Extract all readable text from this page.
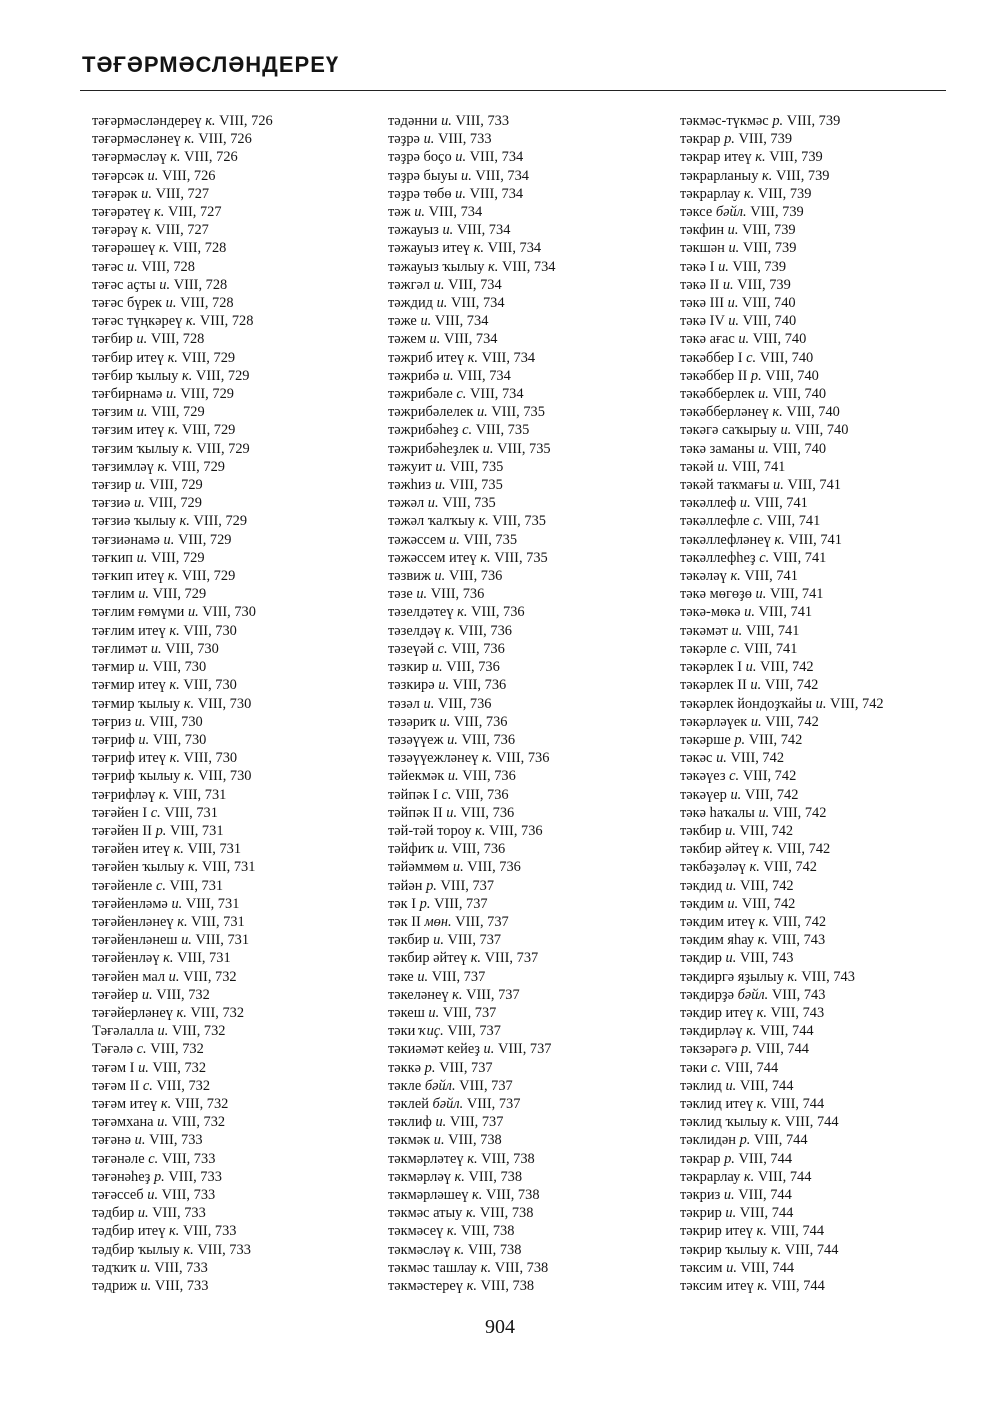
ТӘҒӘРМӘСЛӘНДЕРЕҮ
тәғәрмәсләндереү к. VIII, 726
тәғәрмәсләнеү к. VIII, 726
тәғәрмәсләү к. VIII, 726
тәғәрсәк и. VIII, 726
тәғәрәк и. VIII, 727
тәғәрәтеү к. VIII, 727
тәғәрәү к. VIII, 727
тәғәрәшеү к. VIII, 728
тәғәс и. VIII, 728
тәғәс аҫты и. VIII, 728
тәғәс бүрек и. VIII, 728
тәғәс түңкәреү к. VIII, 728
тәғбир и. VIII, 728
тәғбир итеү к. VIII, 729
тәғбир ҡылыу к. VIII, 729
тәғбирнамә и. VIII, 729
тәғзим и. VIII, 729
тәғзим итеү к. VIII, 729
тәғзим ҡылыу к. VIII, 729
тәғзимләү к. VIII, 729
тәғзир и. VIII, 729
тәғзиә и. VIII, 729
тәғзиә ҡылыу к. VIII, 729
тәғзиәнамә и. VIII, 729
тәғкип и. VIII, 729
тәғкип итеү к. VIII, 729
тәғлим и. VIII, 729
тәғлим ғөмүми и. VIII, 730
тәғлим итеү к. VIII, 730
тәғлимәт и. VIII, 730
тәғмир и. VIII, 730
тәғмир итеү к. VIII, 730
тәғмир ҡылыу к. VIII, 730
тәғриз и. VIII, 730
тәғриф и. VIII, 730
тәғриф итеү к. VIII, 730
тәғриф ҡылыу к. VIII, 730
тәғрифләү к. VIII, 731
тәғәйен I с. VIII, 731
тәғәйен II р. VIII, 731
тәғәйен итеү к. VIII, 731
тәғәйен ҡылыу к. VIII, 731
тәғәйенле с. VIII, 731
тәғәйенләмә и. VIII, 731
тәғәйенләнеү к. VIII, 731
тәғәйенләнеш и. VIII, 731
тәғәйенләү к. VIII, 731
тәғәйен мал и. VIII, 732
тәғәйер и. VIII, 732
тәғәйерләнеү к. VIII, 732
Тәғәлалла и. VIII, 732
Тәғәлә с. VIII, 732
тәғәм I и. VIII, 732
тәғәм II с. VIII, 732
тәғәм итеү к. VIII, 732
тәғәмхана и. VIII, 732
тәғәнә и. VIII, 733
тәғәнәле с. VIII, 733
тәғәнәһеҙ р. VIII, 733
тәғәссеб и. VIII, 733
тәдбир и. VIII, 733
тәдбир итеү к. VIII, 733
тәдбир ҡылыу к. VIII, 733
тәдҡиҡ и. VIII, 733
тәдриж и. VIII, 733
тәдәнни и. VIII, 733
тәҙрә и. VIII, 733
тәҙрә боҫо и. VIII, 734
тәҙрә быуы и. VIII, 734
тәҙрә төбө и. VIII, 734
тәж и. VIII, 734
тәжауыз и. VIII, 734
тәжауыз итеү к. VIII, 734
тәжауыз ҡылыу к. VIII, 734
тәжгәл и. VIII, 734
тәждид и. VIII, 734
тәже и. VIII, 734
тәжем и. VIII, 734
тәжриб итеү к. VIII, 734
тәжрибә и. VIII, 734
тәжрибәле с. VIII, 734
тәжрибәлелек и. VIII, 735
тәжрибәһеҙ с. VIII, 735
тәжрибәһеҙлек и. VIII, 735
тәжуит и. VIII, 735
тәжһиз и. VIII, 735
тәжәл и. VIII, 735
тәжәл ҡалҡыу к. VIII, 735
тәжәссем и. VIII, 735
тәжәссем итеү к. VIII, 735
тәзвиж и. VIII, 736
тәзе и. VIII, 736
тәзелдәтеү к. VIII, 736
тәзелдәү к. VIII, 736
тәзеүәй с. VIII, 736
тәзкир и. VIII, 736
тәзкирә и. VIII, 736
тәзәл и. VIII, 736
тәзәриҡ и. VIII, 736
тәзәүүеж и. VIII, 736
тәзәүүежләнеү к. VIII, 736
тәйекмәк и. VIII, 736
тәйпәк I с. VIII, 736
тәйпәк II и. VIII, 736
тәй-тәй тороу к. VIII, 736
тәйфиҡ и. VIII, 736
тәйәммөм и. VIII, 736
тәйән р. VIII, 737
тәк I р. VIII, 737
тәк II мөн. VIII, 737
тәкбир и. VIII, 737
тәкбир әйтеү к. VIII, 737
тәке и. VIII, 737
тәкеләнеү к. VIII, 737
тәкеш и. VIII, 737
тәки ҡиҫ. VIII, 737
тәкиәмәт кейеҙ и. VIII, 737
тәккә р. VIII, 737
тәкле бәйл. VIII, 737
тәклей бәйл. VIII, 737
тәклиф и. VIII, 737
тәкмәк и. VIII, 738
тәкмәрләтеү к. VIII, 738
тәкмәрләү к. VIII, 738
тәкмәрләшеү к. VIII, 738
тәкмәс атыу к. VIII, 738
тәкмәсеү к. VIII, 738
тәкмәсләү к. VIII, 738
тәкмәс ташлау к. VIII, 738
тәкмәстереү к. VIII, 738
тәкмәс-түкмәс р. VIII, 739
тәкрар р. VIII, 739
тәкрар итеү к. VIII, 739
тәкрарланыу к. VIII, 739
тәкрарлау к. VIII, 739
тәксе бәйл. VIII, 739
тәкфин и. VIII, 739
тәкшән и. VIII, 739
тәкә I и. VIII, 739
тәкә II и. VIII, 739
тәкә III и. VIII, 740
тәкә IV и. VIII, 740
тәкә ағас и. VIII, 740
тәкәббер I с. VIII, 740
тәкәббер II р. VIII, 740
тәкәбберлек и. VIII, 740
тәкәбберләнеү к. VIII, 740
тәкәгә саҡырыу и. VIII, 740
тәкә заманы и. VIII, 740
тәкәй и. VIII, 741
тәкәй таҡмағы и. VIII, 741
тәкәллеф и. VIII, 741
тәкәллефле с. VIII, 741
тәкәллефләнеү к. VIII, 741
тәкәллефһеҙ с. VIII, 741
тәкәләү к. VIII, 741
тәкә мөгөҙө и. VIII, 741
тәкә-мөкә и. VIII, 741
тәкәмәт и. VIII, 741
тәкәрле с. VIII, 741
тәкәрлек I и. VIII, 742
тәкәрлек II и. VIII, 742
тәкәрлек йондоҙҡайы и. VIII, 742
тәкәрләүек и. VIII, 742
тәкәрше р. VIII, 742
тәкәс и. VIII, 742
тәкәүез с. VIII, 742
тәкәүер и. VIII, 742
тәкә һаҡалы и. VIII, 742
тәкбир и. VIII, 742
тәкбир әйтеү к. VIII, 742
тәкбәҙәләү к. VIII, 742
тәкдид и. VIII, 742
тәкдим и. VIII, 742
тәкдим итеү к. VIII, 742
тәкдим яһау к. VIII, 743
тәкдир и. VIII, 743
тәкдиргә яҙылыу к. VIII, 743
тәкдирҙә бәйл. VIII, 743
тәкдир итеү к. VIII, 743
тәкдирләү к. VIII, 744
тәкзәрәгә р. VIII, 744
тәки с. VIII, 744
тәклид и. VIII, 744
тәклид итеү к. VIII, 744
тәклид ҡылыу к. VIII, 744
тәклидән р. VIII, 744
тәкрар р. VIII, 744
тәкрарлау к. VIII, 744
тәкриз и. VIII, 744
тәкрир и. VIII, 744
тәкрир итеү к. VIII, 744
тәкрир ҡылыу к. VIII, 744
тәксим и. VIII, 744
тәксим итеү к. VIII, 744
904
